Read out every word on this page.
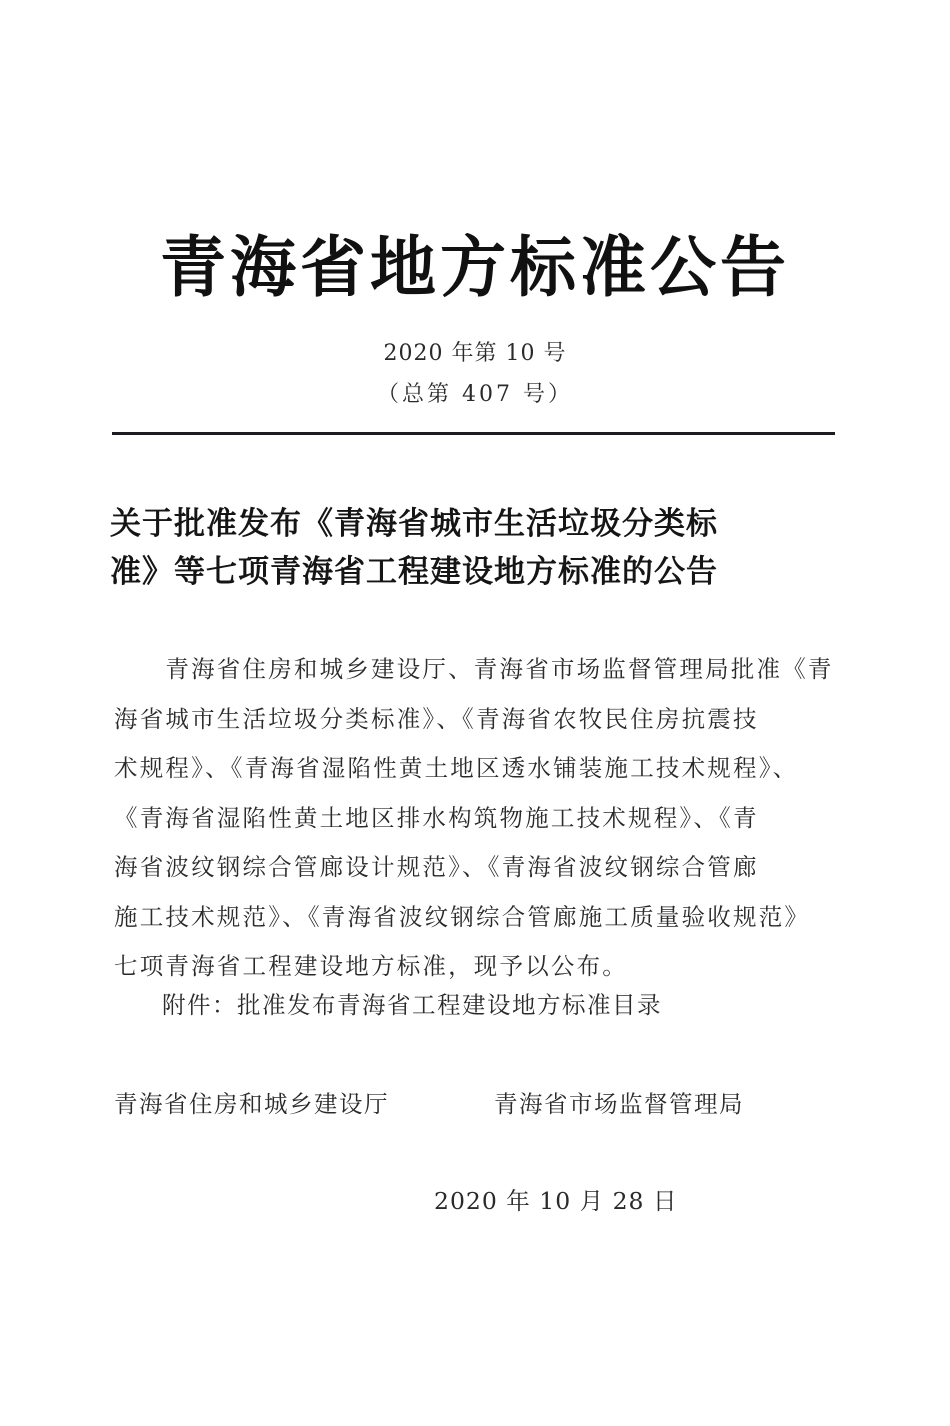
青海省地方标准公告
2020 年第 10 号
（总第 407 号）
关于批准发布《青海省城市生活垃圾分类标
准》等七项青海省工程建设地方标准的公告
　　青海省住房和城乡建设厅、青海省市场监督管理局批准《青
海省城市生活垃圾分类标准》、《青海省农牧民住房抗震技
术规程》、《青海省湿陷性黄土地区透水铺装施工技术规程》、
《青海省湿陷性黄土地区排水构筑物施工技术规程》、《青
海省波纹钢综合管廊设计规范》、《青海省波纹钢综合管廊
施工技术规范》、《青海省波纹钢综合管廊施工质量验收规范》
七项青海省工程建设地方标准，现予以公布。
附件：批准发布青海省工程建设地方标准目录
青海省住房和城乡建设厅	青海省市场监督管理局
2020 年 10 月 28 日
